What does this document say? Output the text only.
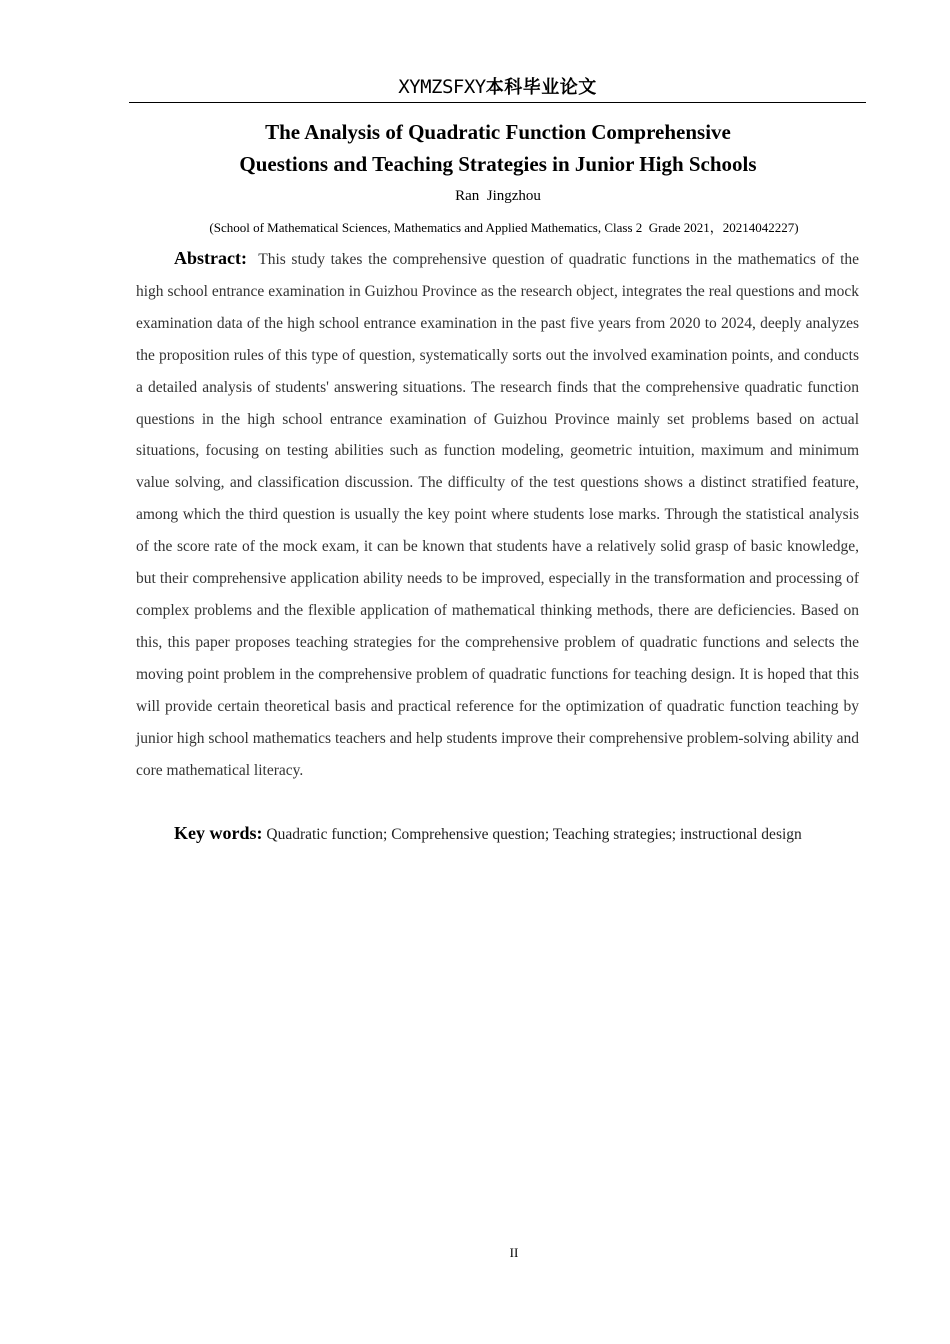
XYMZSFXY本科毕业论文
The Analysis of Quadratic Function Comprehensive
Questions and Teaching Strategies in Junior High Schools
Ran  Jingzhou
(School of Mathematical Sciences, Mathematics and Applied Mathematics, Class 2  Grade 2021，20214042227)

Abstract: This study takes the comprehensive question of quadratic functions in the mathematics of the high school entrance examination in Guizhou Province as the research object, integrates the real questions and mock examination data of the high school entrance examination in the past five years from 2020 to 2024, deeply analyzes the proposition rules of this type of question, systematically sorts out the involved examination points, and conducts a detailed analysis of students' answering situations. The research finds that the comprehensive quadratic function questions in the high school entrance examination of Guizhou Province mainly set problems based on actual situations, focusing on testing abilities such as function modeling, geometric intuition, maximum and minimum value solving, and classification discussion. The difficulty of the test questions shows a distinct stratified feature, among which the third question is usually the key point where students lose marks. Through the statistical analysis of the score rate of the mock exam, it can be known that students have a relatively solid grasp of basic knowledge, but their comprehensive application ability needs to be improved, especially in the transformation and processing of complex problems and the flexible application of mathematical thinking methods, there are deficiencies. Based on this, this paper proposes teaching strategies for the comprehensive problem of quadratic functions and selects the moving point problem in the comprehensive problem of quadratic functions for teaching design. It is hoped that this will provide certain theoretical basis and practical reference for the optimization of quadratic function teaching by junior high school mathematics teachers and help students improve their comprehensive problem-solving ability and core mathematical literacy.

Key words: Quadratic function; Comprehensive question; Teaching strategies; instructional design

II
